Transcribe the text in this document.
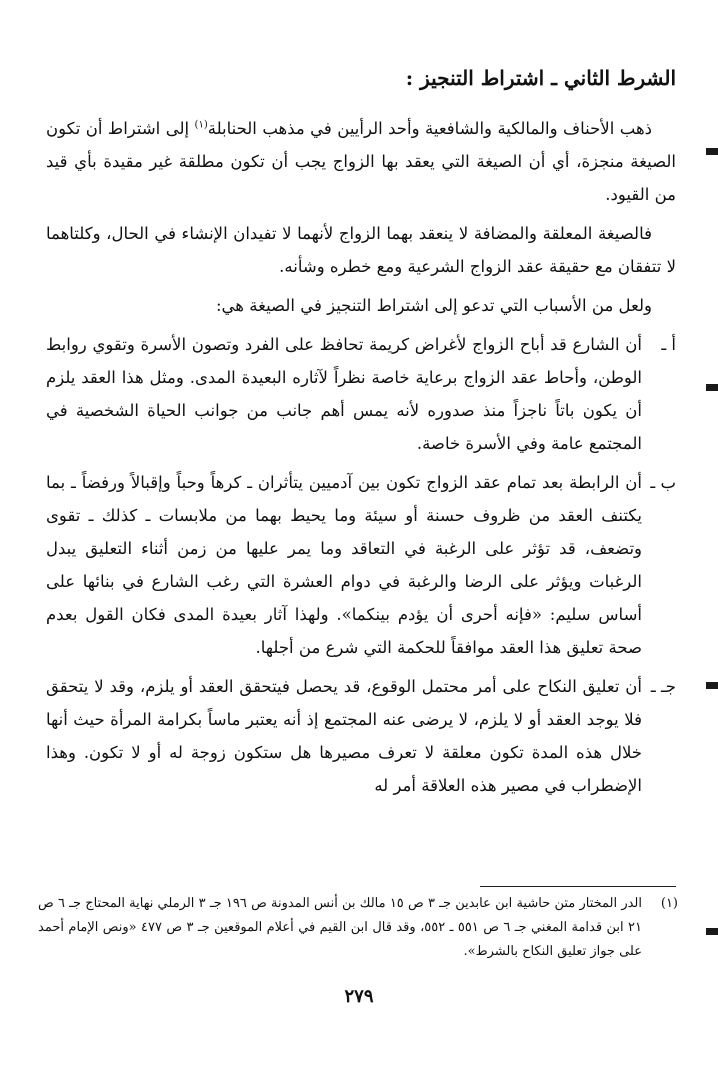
الشرط الثاني ـ اشتراط التنجيز :

ذهب الأحناف والمالكية والشافعية وأحد الرأيين في مذهب الحنابلة$^{(١)}$ إلى اشتراط أن تكون الصيغة منجزة، أي أن الصيغة التي يعقد بها الزواج يجب أن تكون مطلقة غير مقيدة بأي قيد من القيود.

فالصيغة المعلقة والمضافة لا ينعقد بهما الزواج لأنهما لا تفيدان الإنشاء في الحال، وكلتاهما لا تتفقان مع حقيقة عقد الزواج الشرعية ومع خطره وشأنه.

ولعل من الأسباب التي تدعو إلى اشتراط التنجيز في الصيغة هي:

أ ـ
أن الشارع قد أباح الزواج لأغراض كريمة تحافظ على الفرد وتصون الأسرة وتقوي روابط الوطن، وأحاط عقد الزواج برعاية خاصة نظراً لآثاره البعيدة المدى. ومثل هذا العقد يلزم أن يكون باتاً ناجزاً منذ صدوره لأنه يمس أهم جانب من جوانب الحياة الشخصية في المجتمع عامة وفي الأسرة خاصة.
ب ـ
أن الرابطة بعد تمام عقد الزواج تكون بين آدميين يتأثران ـ كرهاً وحباً وإقبالاً ورفضاً ـ بما يكتنف العقد من ظروف حسنة أو سيئة وما يحيط بهما من ملابسات ـ كذلك ـ تقوى وتضعف، قد تؤثر على الرغبة في التعاقد وما يمر عليها من زمن أثناء التعليق يبدل الرغبات ويؤثر على الرضا والرغبة في دوام العشرة التي رغب الشارع في بنائها على أساس سليم: «فإنه أحرى أن يؤدم بينكما». ولهذا آثار بعيدة المدى فكان القول بعدم صحة تعليق هذا العقد موافقاً للحكمة التي شرع من أجلها.
جـ ـ
أن تعليق النكاح على أمر محتمل الوقوع، قد يحصل فيتحقق العقد أو يلزم، وقد لا يتحقق فلا يوجد العقد أو لا يلزم، لا يرضى عنه المجتمع إذ أنه يعتبر ماساً بكرامة المرأة حيث أنها خلال هذه المدة تكون معلقة لا تعرف مصيرها هل ستكون زوجة له أو لا تكون. وهذا الإضطراب في مصير هذه العلاقة أمر له
(١)
الدر المختار متن حاشية ابن عابدين جـ ٣ ص ١٥ مالك بن أنس المدونة ص ١٩٦ جـ ٣ الرملي نهاية المحتاج جـ ٦ ص ٢١ ابن قدامة المغني جـ ٦ ص ٥٥١ ـ ٥٥٢، وقد قال ابن القيم في أعلام الموقعين جـ ٣ ص ٤٧٧ «ونص الإمام أحمد على جواز تعليق النكاح بالشرط».
٢٧٩
